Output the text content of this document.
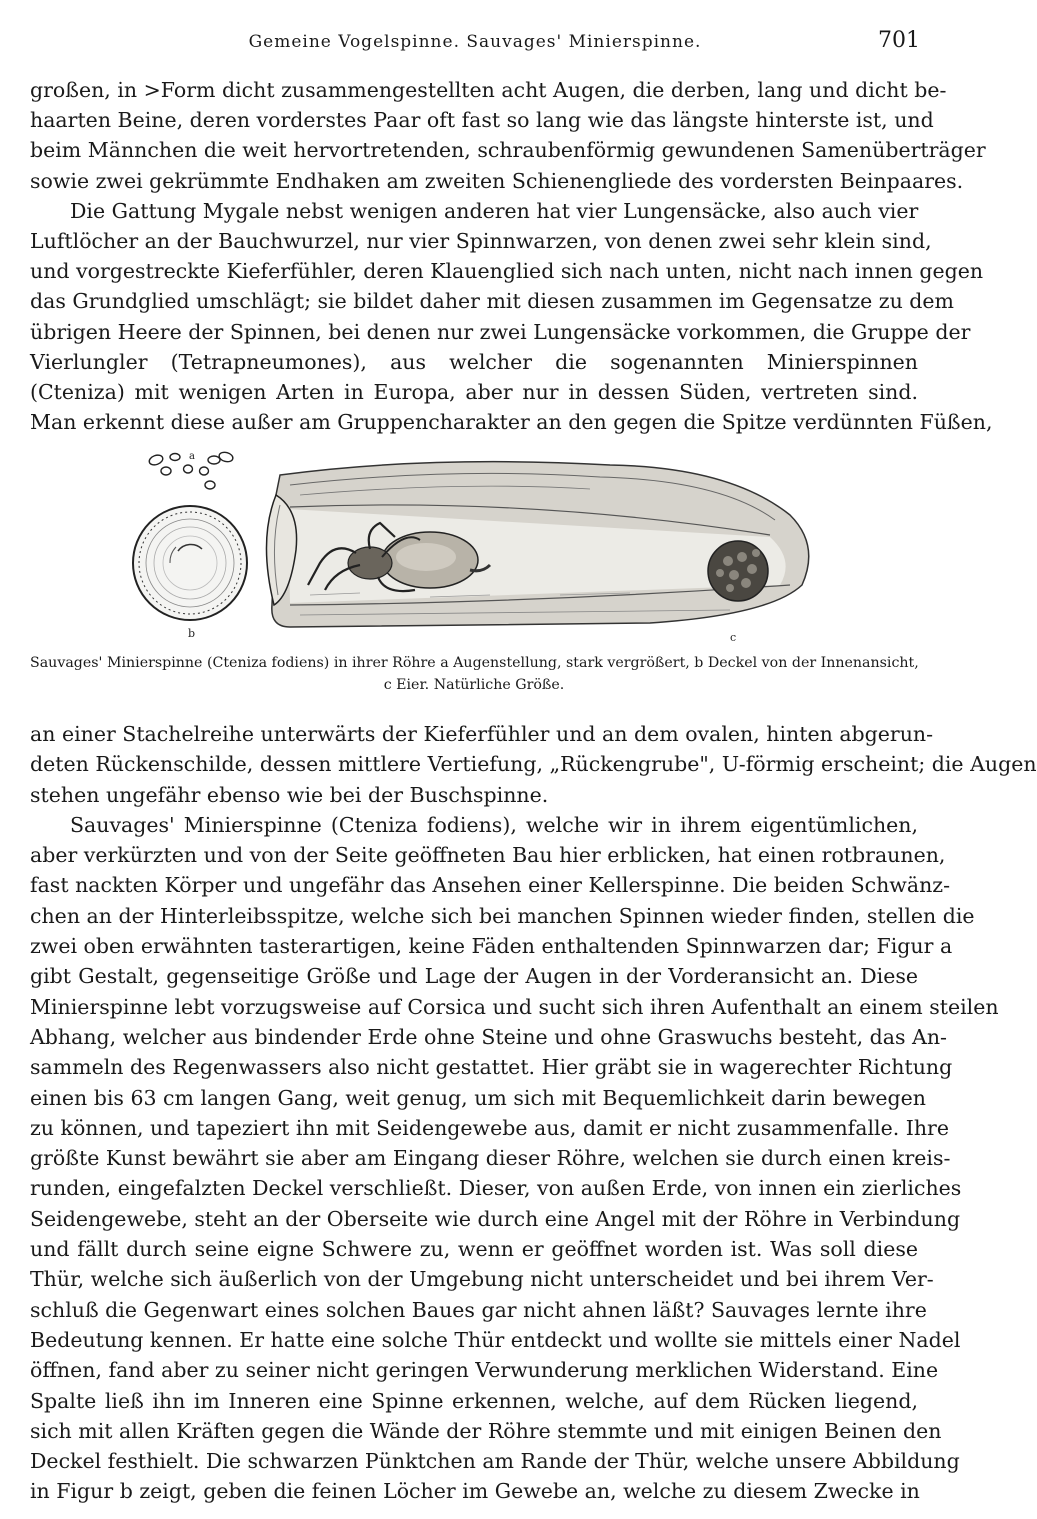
Gemeine Vogelspinne. Sauvages' Minierspinne.	701

großen, in >Form dicht zusammengestellten acht Augen, die derben, lang und dicht be-

haarten Beine, deren vorderstes Paar oft fast so lang wie das längste hinterste ist, und

beim Männchen die weit hervortretenden, schraubenförmig gewundenen Samenüberträger

sowie zwei gekrümmte Endhaken am zweiten Schienengliede des vordersten Beinpaares.

Die Gattung Mygale nebst wenigen anderen hat vier Lungensäcke, also auch vier

Luftlöcher an der Bauchwurzel, nur vier Spinnwarzen, von denen zwei sehr klein sind,

und vorgestreckte Kieferfühler, deren Klauenglied sich nach unten, nicht nach innen gegen

das Grundglied umschlägt; sie bildet daher mit diesen zusammen im Gegensatze zu dem

übrigen Heere der Spinnen, bei denen nur zwei Lungensäcke vorkommen, die Gruppe der

Vierlungler (Tetrapneumones), aus welcher die sogenannten Minierspinnen

(Cteniza) mit wenigen Arten in Europa, aber nur in dessen Süden, vertreten sind.

Man erkennt diese außer am Gruppencharakter an den gegen die Spitze verdünnten Füßen,

a
b	c
Sauvages' Minierspinne (Cteniza fodiens) in ihrer Röhre a Augenstellung, stark vergrößert, b Deckel von der Innenansicht,
c Eier. Natürliche Größe.

an einer Stachelreihe unterwärts der Kieferfühler und an dem ovalen, hinten abgerun-

deten Rückenschilde, dessen mittlere Vertiefung, „Rückengrube", U-förmig erscheint; die Augen

stehen ungefähr ebenso wie bei der Buschspinne.

Sauvages' Minierspinne (Cteniza fodiens), welche wir in ihrem eigentümlichen,

aber verkürzten und von der Seite geöffneten Bau hier erblicken, hat einen rotbraunen,

fast nackten Körper und ungefähr das Ansehen einer Kellerspinne. Die beiden Schwänz-

chen an der Hinterleibsspitze, welche sich bei manchen Spinnen wieder finden, stellen die

zwei oben erwähnten tasterartigen, keine Fäden enthaltenden Spinnwarzen dar; Figur a

gibt Gestalt, gegenseitige Größe und Lage der Augen in der Vorderansicht an. Diese

Minierspinne lebt vorzugsweise auf Corsica und sucht sich ihren Aufenthalt an einem steilen

Abhang, welcher aus bindender Erde ohne Steine und ohne Graswuchs besteht, das An-

sammeln des Regenwassers also nicht gestattet. Hier gräbt sie in wagerechter Richtung

einen bis 63 cm langen Gang, weit genug, um sich mit Bequemlichkeit darin bewegen

zu können, und tapeziert ihn mit Seidengewebe aus, damit er nicht zusammenfalle. Ihre

größte Kunst bewährt sie aber am Eingang dieser Röhre, welchen sie durch einen kreis-

runden, eingefalzten Deckel verschließt. Dieser, von außen Erde, von innen ein zierliches

Seidengewebe, steht an der Oberseite wie durch eine Angel mit der Röhre in Verbindung

und fällt durch seine eigne Schwere zu, wenn er geöffnet worden ist. Was soll diese

Thür, welche sich äußerlich von der Umgebung nicht unterscheidet und bei ihrem Ver-

schluß die Gegenwart eines solchen Baues gar nicht ahnen läßt? Sauvages lernte ihre

Bedeutung kennen. Er hatte eine solche Thür entdeckt und wollte sie mittels einer Nadel

öffnen, fand aber zu seiner nicht geringen Verwunderung merklichen Widerstand. Eine

Spalte ließ ihn im Inneren eine Spinne erkennen, welche, auf dem Rücken liegend,

sich mit allen Kräften gegen die Wände der Röhre stemmte und mit einigen Beinen den

Deckel festhielt. Die schwarzen Pünktchen am Rande der Thür, welche unsere Abbildung

in Figur b zeigt, geben die feinen Löcher im Gewebe an, welche zu diesem Zwecke in
